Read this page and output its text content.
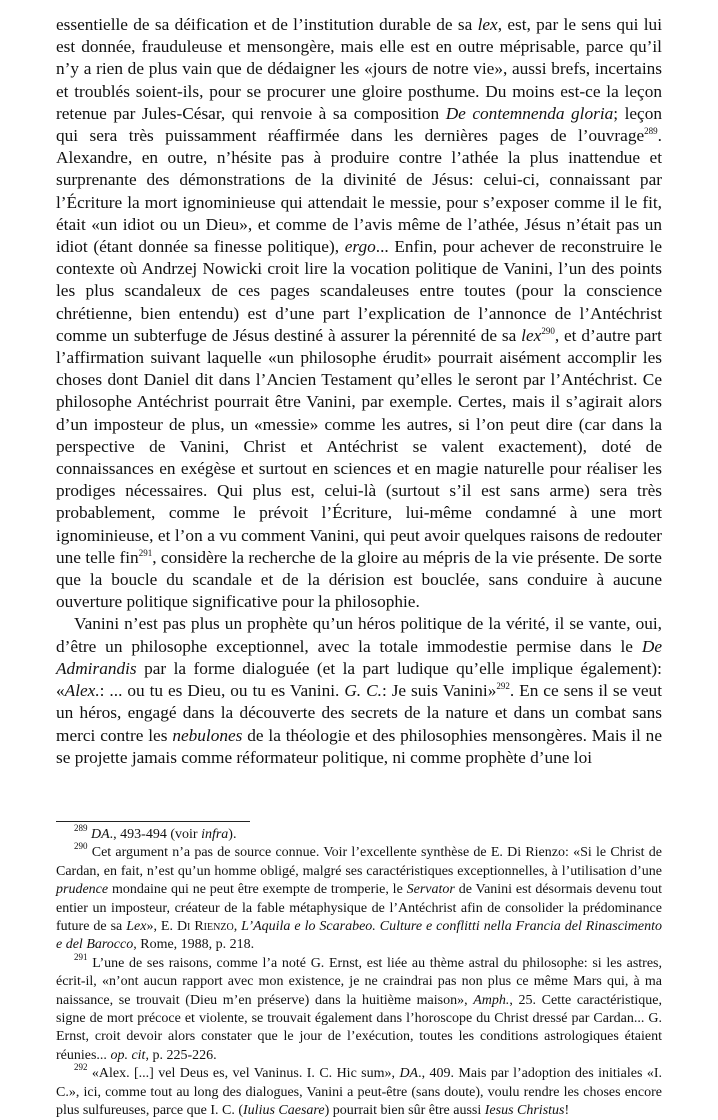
essentielle de sa déification et de l’institution durable de sa lex, est, par le sens qui lui est donnée, frauduleuse et mensongère, mais elle est en outre méprisable, parce qu’il n’y a rien de plus vain que de dédaigner les «jours de notre vie», aussi brefs, incertains et troublés soient-ils, pour se procurer une gloire posthume. Du moins est-ce la leçon retenue par Jules-César, qui renvoie à sa composition De contemnenda gloria; leçon qui sera très puissamment réaffirmée dans les dernières pages de l’ouvrage$^{289}$. Alexandre, en outre, n’hésite pas à produire contre l’athée la plus inattendue et surprenante des démonstrations de la divinité de Jésus: celui-ci, connaissant par l’Écriture la mort ignominieuse qui attendait le messie, pour s’exposer comme il le fit, était «un idiot ou un Dieu», et comme de l’avis même de l’athée, Jésus n’était pas un idiot (étant donnée sa finesse politique), ergo... Enfin, pour achever de reconstruire le contexte où Andrzej Nowicki croit lire la vocation politique de Vanini, l’un des points les plus scandaleux de ces pages scandaleuses entre toutes (pour la conscience chrétienne, bien entendu) est d’une part l’explication de l’annonce de l’Antéchrist comme un subterfuge de Jésus destiné à assurer la pérennité de sa lex$^{290}$, et d’autre part l’affirmation suivant laquelle «un philosophe érudit» pourrait aisément accomplir les choses dont Daniel dit dans l’Ancien Testament qu’elles le seront par l’Antéchrist. Ce philosophe Antéchrist pourrait être Vanini, par exemple. Certes, mais il s’agirait alors d’un imposteur de plus, un «messie» comme les autres, si l’on peut dire (car dans la perspective de Vanini, Christ et Antéchrist se valent exactement), doté de connaissances en exégèse et surtout en sciences et en magie naturelle pour réaliser les prodiges nécessaires. Qui plus est, celui-là (surtout s’il est sans arme) sera très probablement, comme le prévoit l’Écriture, lui-même condamné à une mort ignominieuse, et l’on a vu comment Vanini, qui peut avoir quelques raisons de redouter une telle fin$^{291}$, considère la recherche de la gloire au mépris de la vie présente. De sorte que la boucle du scandale et de la dérision est bouclée, sans conduire à aucune ouverture politique significative pour la philosophie.

Vanini n’est pas plus un prophète qu’un héros politique de la vérité, il se vante, oui, d’être un philosophe exceptionnel, avec la totale immodestie permise dans le De Admirandis par la forme dialoguée (et la part ludique qu’elle implique également): «Alex.: ... ou tu es Dieu, ou tu es Vanini. G. C.: Je suis Vanini»$^{292}$. En ce sens il se veut un héros, engagé dans la découverte des secrets de la nature et dans un combat sans merci contre les nebulones de la théologie et des philosophies mensongères. Mais il ne se projette jamais comme réformateur politique, ni comme prophète d’une loi

$^{289}$ DA., 493-494 (voir infra).

$^{290}$ Cet argument n’a pas de source connue. Voir l’excellente synthèse de E. Di Rienzo: «Si le Christ de Cardan, en fait, n’est qu’un homme obligé, malgré ses caractéristiques exceptionnelles, à l’utilisation d’une prudence mondaine qui ne peut être exempte de tromperie, le Servator de Vanini est désormais devenu tout entier un imposteur, créateur de la fable métaphysique de l’Antéchrist afin de consolider la prédominance future de sa Lex», E. Di Rienzo, L’Aquila e lo Scarabeo. Culture e conflitti nella Francia del Rinascimento e del Barocco, Rome, 1988, p. 218.

$^{291}$ L’une de ses raisons, comme l’a noté G. Ernst, est liée au thème astral du philosophe: si les astres, écrit-il, «n’ont aucun rapport avec mon existence, je ne craindrai pas non plus ce même Mars qui, à ma naissance, se trouvait (Dieu m’en préserve) dans la huitième maison», Amph., 25. Cette caractéristique, signe de mort précoce et violente, se trouvait également dans l’horoscope du Christ dressé par Cardan... G. Ernst, croit devoir alors constater que le jour de l’exécution, toutes les conditions astrologiques étaient réunies... op. cit, p. 225-226.

$^{292}$ «Alex. [...] vel Deus es, vel Vaninus. I. C. Hic sum», DA., 409. Mais par l’adoption des initiales «I. C.», ici, comme tout au long des dialogues, Vanini a peut-être (sans doute), voulu rendre les choses encore plus sulfureuses, parce que I. C. (Iulius Caesare) pourrait bien sûr être aussi Iesus Christus!
